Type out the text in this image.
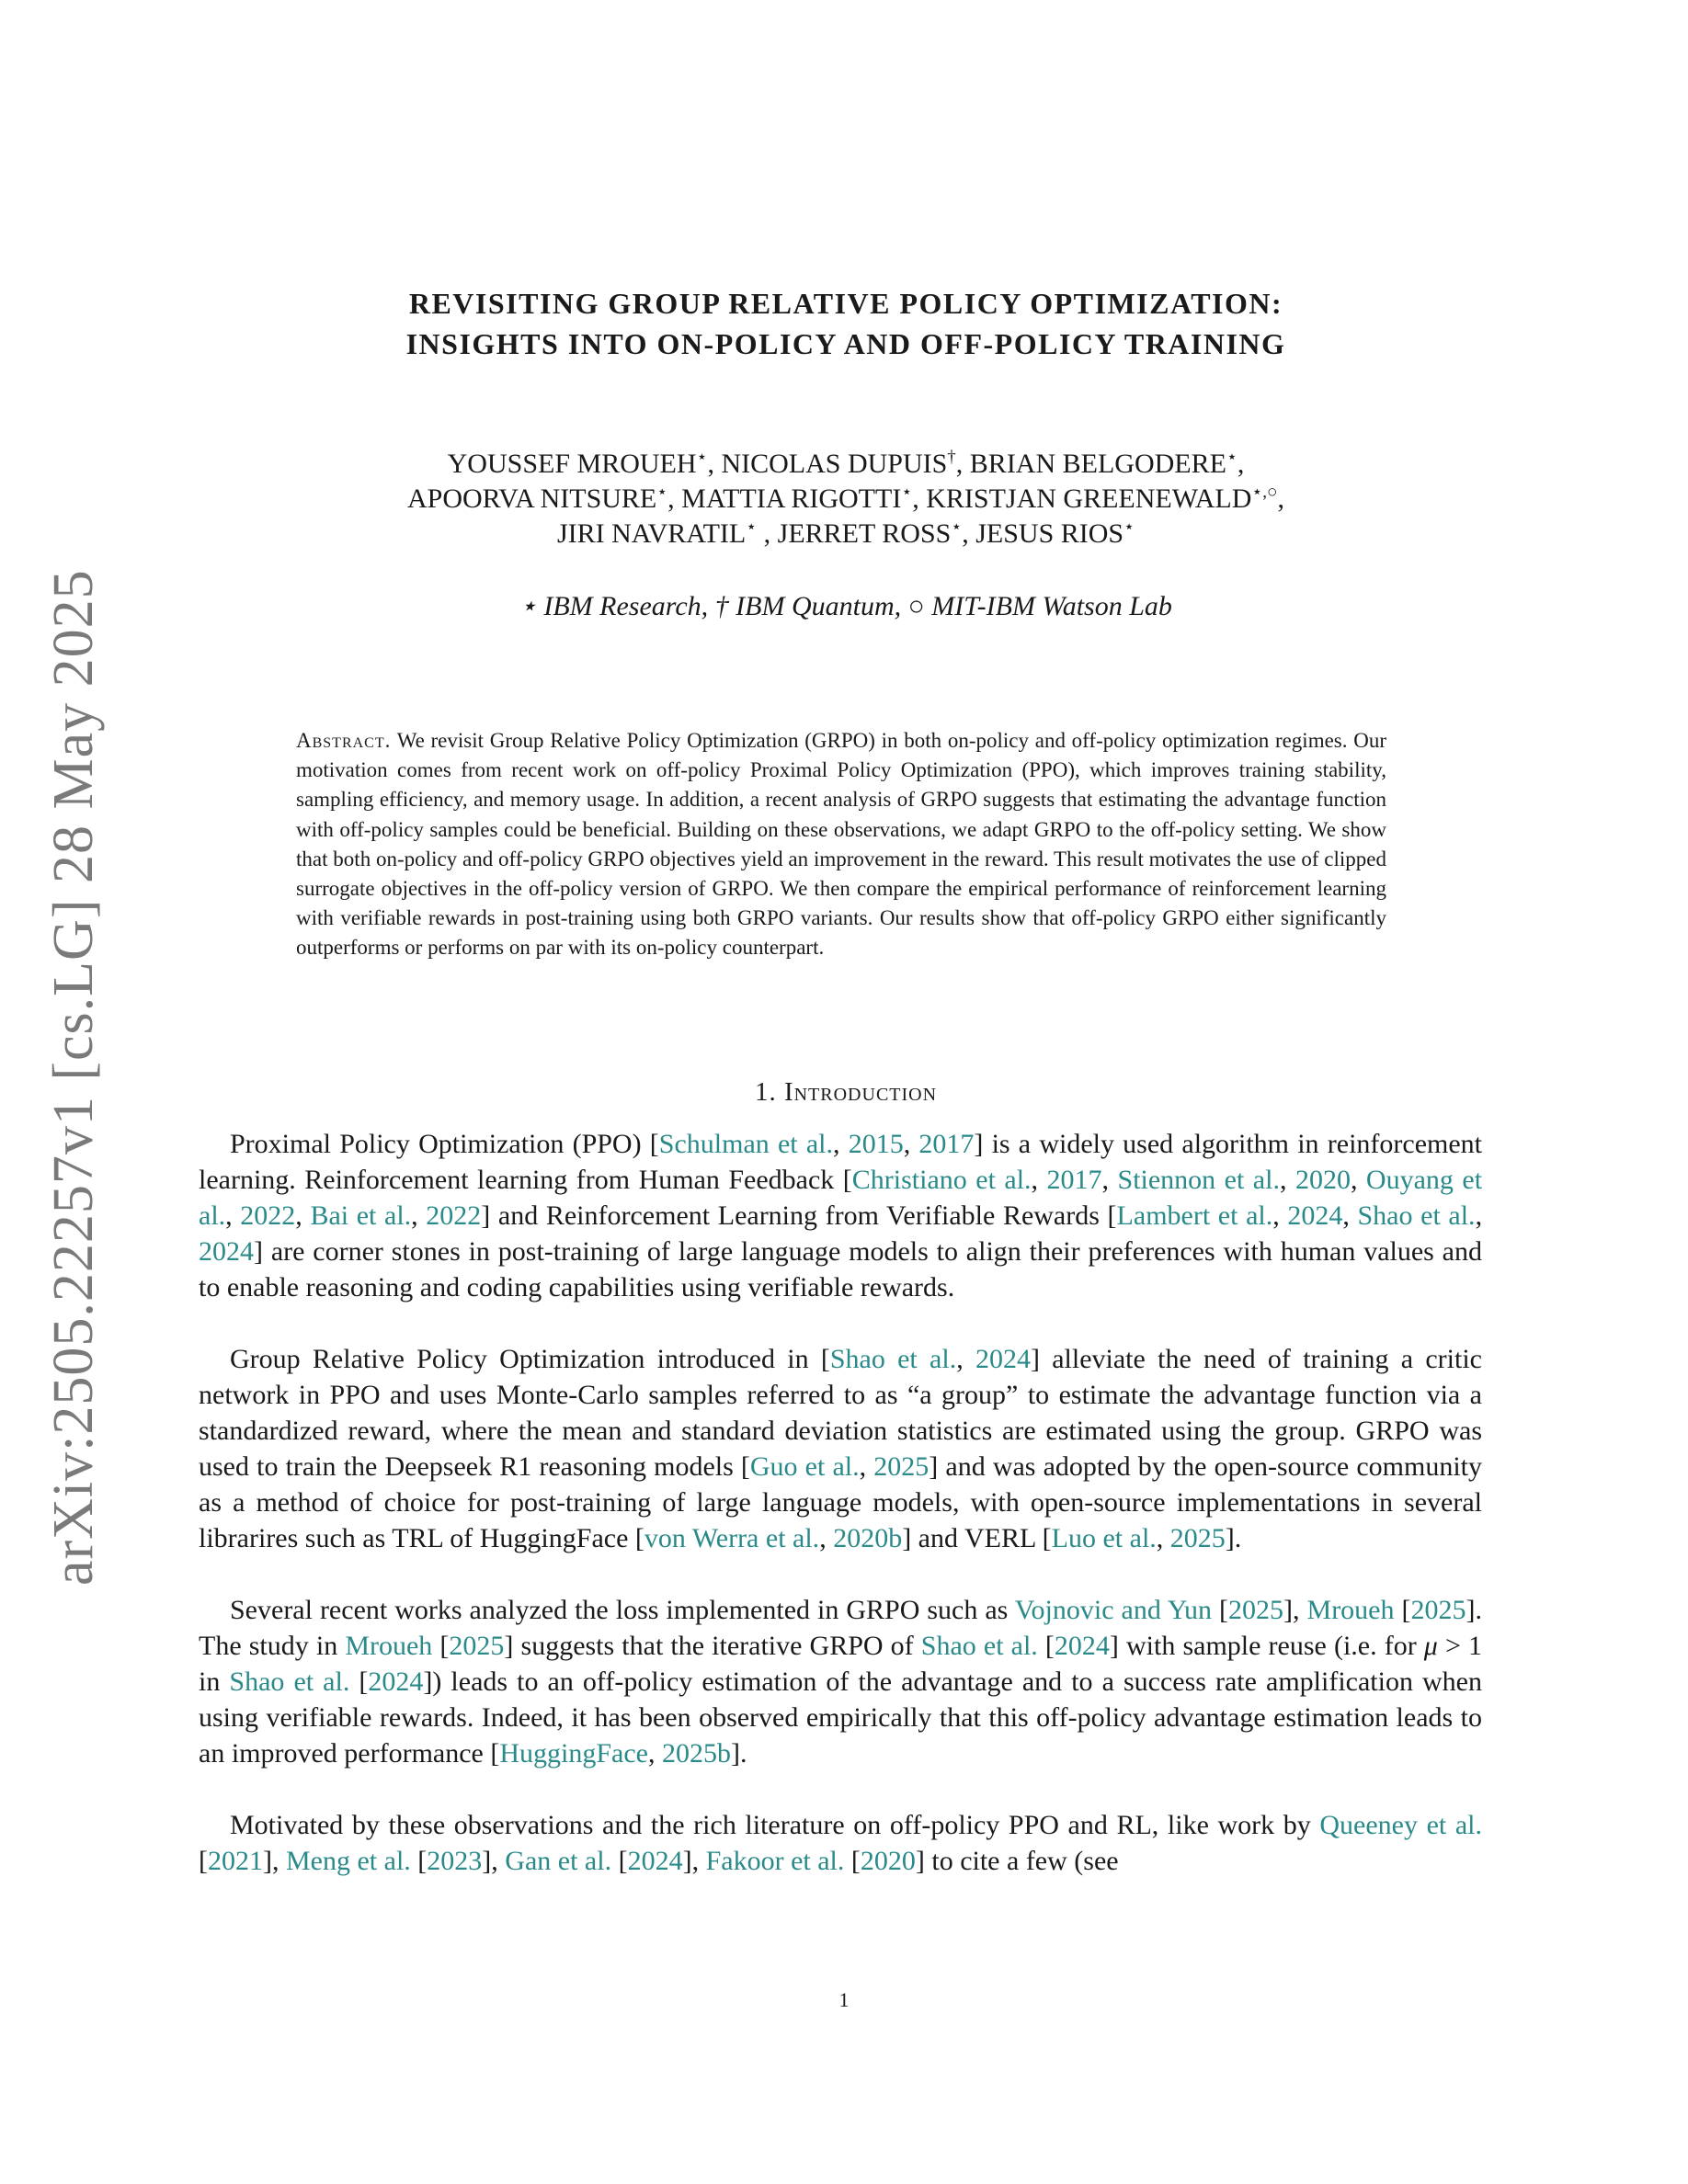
arXiv:2505.22257v1 [cs.LG] 28 May 2025
REVISITING GROUP RELATIVE POLICY OPTIMIZATION:
INSIGHTS INTO ON-POLICY AND OFF-POLICY TRAINING
YOUSSEF MROUEH⋆, NICOLAS DUPUIS†, BRIAN BELGODERE⋆,
APOORVA NITSURE⋆, MATTIA RIGOTTI⋆, KRISTJAN GREENEWALD⋆,○,
JIRI NAVRATIL⋆ , JERRET ROSS⋆, JESUS RIOS⋆
⋆ IBM Research, † IBM Quantum, ○ MIT-IBM Watson Lab
Abstract. We revisit Group Relative Policy Optimization (GRPO) in both on-policy and off-policy optimization regimes. Our motivation comes from recent work on off-policy Proximal Policy Optimization (PPO), which improves training stability, sampling efficiency, and memory usage. In addition, a recent analysis of GRPO suggests that estimating the advantage function with off-policy samples could be beneficial. Building on these observations, we adapt GRPO to the off-policy setting. We show that both on-policy and off-policy GRPO objectives yield an improvement in the reward. This result motivates the use of clipped surrogate objectives in the off-policy version of GRPO. We then compare the empirical performance of reinforcement learning with verifiable rewards in post-training using both GRPO variants. Our results show that off-policy GRPO either significantly outperforms or performs on par with its on-policy counterpart.
1. Introduction

Proximal Policy Optimization (PPO) [Schulman et al., 2015, 2017] is a widely used algorithm in reinforcement learning. Reinforcement learning from Human Feedback [Christiano et al., 2017, Stiennon et al., 2020, Ouyang et al., 2022, Bai et al., 2022] and Reinforcement Learning from Verifiable Rewards [Lambert et al., 2024, Shao et al., 2024] are corner stones in post-training of large language models to align their preferences with human values and to enable reasoning and coding capabilities using verifiable rewards.

Group Relative Policy Optimization introduced in [Shao et al., 2024] alleviate the need of training a critic network in PPO and uses Monte-Carlo samples referred to as “a group” to estimate the advantage function via a standardized reward, where the mean and standard deviation statistics are estimated using the group. GRPO was used to train the Deepseek R1 reasoning models [Guo et al., 2025] and was adopted by the open-source community as a method of choice for post-training of large language models, with open-source implementations in several librarires such as TRL of HuggingFace [von Werra et al., 2020b] and VERL [Luo et al., 2025].

Several recent works analyzed the loss implemented in GRPO such as Vojnovic and Yun [2025], Mroueh [2025]. The study in Mroueh [2025] suggests that the iterative GRPO of Shao et al. [2024] with sample reuse (i.e. for μ > 1 in Shao et al. [2024]) leads to an off-policy estimation of the advantage and to a success rate amplification when using verifiable rewards. Indeed, it has been observed empirically that this off-policy advantage estimation leads to an improved performance [HuggingFace, 2025b].

Motivated by these observations and the rich literature on off-policy PPO and RL, like work by Queeney et al. [2021], Meng et al. [2023], Gan et al. [2024], Fakoor et al. [2020] to cite a few (see

1
